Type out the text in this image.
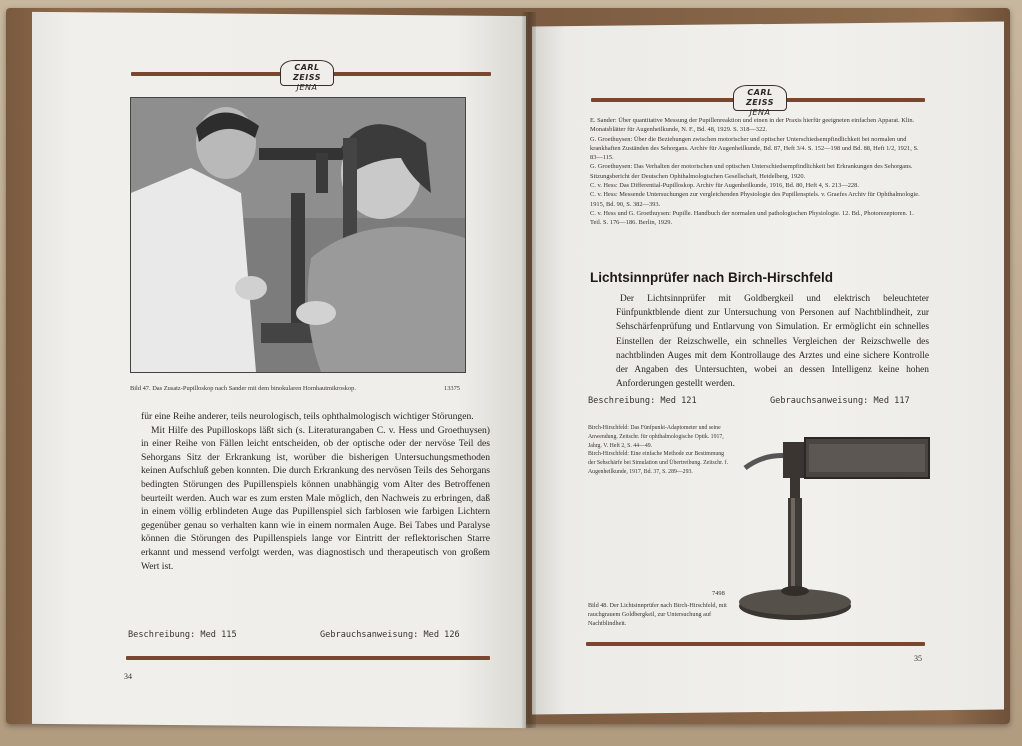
CARL ZEISS
JENA
Bild 47. Das Zusatz-Pupilloskop nach Sander mit dem binokularen Hornhautmikroskop.	13375

für eine Reihe anderer, teils neurologisch, teils ophthalmologisch wichtiger Störungen.

Mit Hilfe des Pupilloskops läßt sich (s. Literaturangaben C. v. Hess und Groethuysen) in einer Reihe von Fällen leicht entscheiden, ob der optische oder der nervöse Teil des Sehorgans Sitz der Erkrankung ist, worüber die bisherigen Untersuchungsmethoden keinen Aufschluß geben konnten. Die durch Erkrankung des nervösen Teils des Sehorgans bedingten Störungen des Pupillenspiels können unabhängig vom Alter des Betroffenen beurteilt werden. Auch war es zum ersten Male möglich, den Nachweis zu erbringen, daß in einem völlig erblindeten Auge das Pupillenspiel sich farblosen wie farbigen Lichtern gegenüber genau so verhalten kann wie in einem normalen Auge. Bei Tabes und Paralyse können die Störungen des Pupillenspiels lange vor Eintritt der reflektorischen Starre erkannt und messend verfolgt werden, was diagnostisch und therapeutisch von großem Wert ist.

Beschreibung: Med 115	Gebrauchsanweisung: Med 126
34
CARL ZEISS
JENA

E. Sander: Über quantitative Messung der Pupillenreaktion und einen in der Praxis hierfür geeigneten einfachen Apparat. Klin. Monatsblätter für Augenheilkunde, N. F., Bd. 48, 1929. S. 318—322.

G. Groethuysen: Über die Beziehungen zwischen motorischer und optischer Unterschiedsempfindlichkeit bei normalen und krankhaften Zuständen des Sehorgans. Archiv für Augenheilkunde, Bd. 87, Heft 3/4. S. 152—198 und Bd. 88, Heft 1/2, 1921, S. 83—115.

G. Groethuysen: Das Verhalten der motorischen und optischen Unterschiedsempfindlichkeit bei Erkrankungen des Sehorgans. Sitzungsbericht der Deutschen Ophthalmologischen Gesellschaft, Heidelberg, 1920.

C. v. Hess: Das Differential-Pupilloskop. Archiv für Augenheilkunde, 1916, Bd. 80, Heft 4, S. 213—228.

C. v. Hess: Messende Untersuchungen zur vergleichenden Physiologie des Pupillenspiels. v. Graefes Archiv für Ophthalmologie. 1915, Bd. 90, S. 382—393.

C. v. Hess und G. Groethuysen: Pupille. Handbuch der normalen und pathologischen Physiologie. 12. Bd., Photorezeptoren. 1. Teil. S. 176—186. Berlin, 1929.

Lichtsinnprüfer nach Birch-Hirschfeld
Der Lichtsinnprüfer mit Goldbergkeil und elektrisch beleuchteter Fünfpunktblende dient zur Untersuchung von Personen auf Nachtblindheit, zur Sehschärfenprüfung und Entlarvung von Simulation. Er ermöglicht ein schnelles Einstellen der Reizschwelle, ein schnelles Vergleichen der Reizschwelle des nachtblinden Auges mit dem Kontrollauge des Arztes und eine sichere Kontrolle der Angaben des Untersuchten, wobei an dessen Intelligenz keine hohen Anforderungen gestellt werden.
Beschreibung: Med 121	Gebrauchsanweisung: Med 117

Birch-Hirschfeld: Das Fünfpunkt-Adaptometer und seine Anwendung. Zeitschr. für ophthalmologische Optik. 1917, Jahrg. V. Heft 2, S. 44—49.

Birch-Hirschfeld: Eine einfache Methode zur Bestimmung der Sehschärfe bei Simulation und Übertreibung. Zeitschr. f. Augenheilkunde, 1917, Bd. 37, S. 289—293.

7498
Bild 48. Der Lichtsinnprüfer nach Birch-Hirschfeld, mit rauchgrauem Goldbergkeil, zur Untersuchung auf Nachtblindheit.
35
